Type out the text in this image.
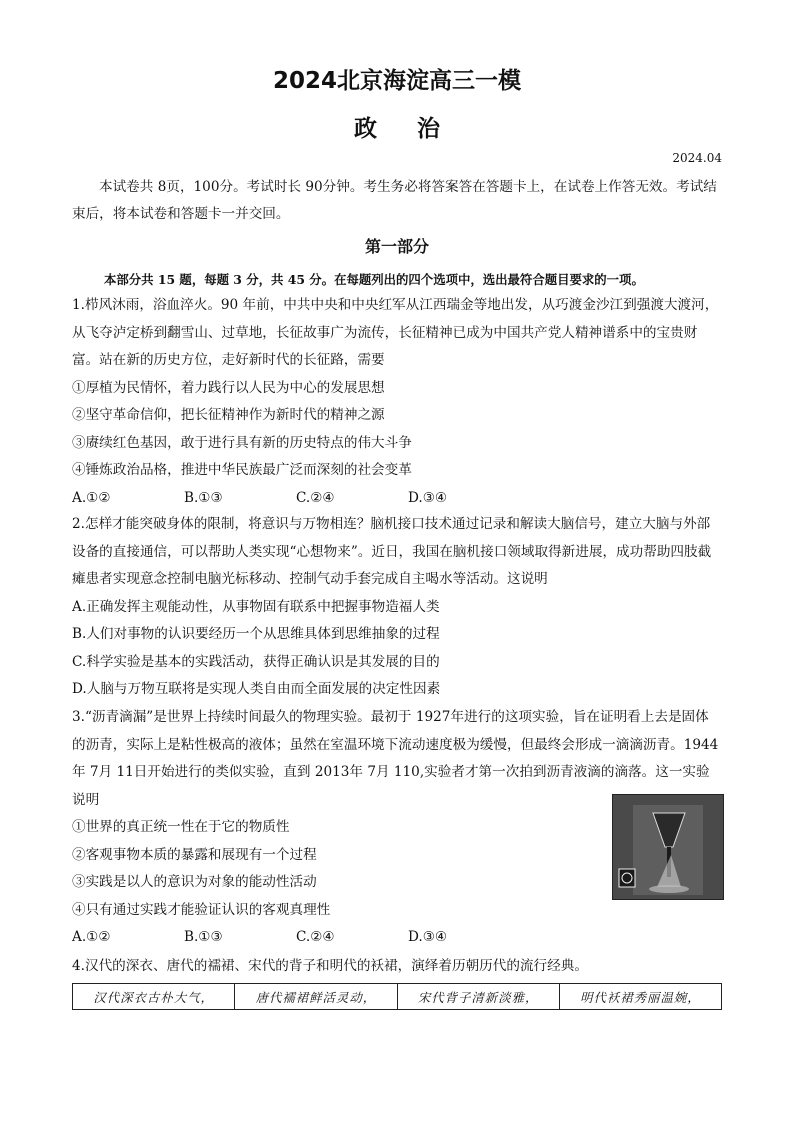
2024北京海淀高三一模
政治
2024.04

本试卷共 8页，100分。考试时长 90分钟。考生务必将答案答在答题卡上，在试卷上作答无效。考试结束后，将本试卷和答题卡一并交回。

第一部分

本部分共 15 题，每题 3 分，共 45 分。在每题列出的四个选项中，选出最符合题目要求的一项。

1.栉风沐雨，浴血淬火。90 年前，中共中央和中央红军从江西瑞金等地出发，从巧渡金沙江到强渡大渡河，从飞夺泸定桥到翻雪山、过草地，长征故事广为流传，长征精神已成为中国共产党人精神谱系中的宝贵财富。站在新的历史方位，走好新时代的长征路，需要

①厚植为民情怀，着力践行以人民为中心的发展思想

②坚守革命信仰，把长征精神作为新时代的精神之源

③赓续红色基因，敢于进行具有新的历史特点的伟大斗争

④锤炼政治品格，推进中华民族最广泛而深刻的社会变革

A.①②	B.①③	C.②④	D.③④

2.怎样才能突破身体的限制，将意识与万物相连？脑机接口技术通过记录和解读大脑信号，建立大脑与外部设备的直接通信，可以帮助人类实现“心想物来”。近日，我国在脑机接口领域取得新进展，成功帮助四肢截瘫患者实现意念控制电脑光标移动、控制气动手套完成自主喝水等活动。这说明

A.正确发挥主观能动性，从事物固有联系中把握事物造福人类

B.人们对事物的认识要经历一个从思维具体到思维抽象的过程

C.科学实验是基本的实践活动，获得正确认识是其发展的目的

D.人脑与万物互联将是实现人类自由而全面发展的决定性因素

3.“沥青滴漏”是世界上持续时间最久的物理实验。最初于 1927年进行的这项实验，旨在证明看上去是固体的沥青，实际上是粘性极高的液体；虽然在室温环境下流动速度极为缓慢，但最终会形成一滴滴沥青。1944年 7月 11日开始进行的类似实验，直到 2013年 7月 110,实验者才第一次拍到沥青液滴的滴落。这一实验说明

①世界的真正统一性在于它的物质性

②客观事物本质的暴露和展现有一个过程

③实践是以人的意识为对象的能动性活动

④只有通过实践才能验证认识的客观真理性

A.①②	B.①③	C.②④	D.③④

4.汉代的深衣、唐代的襦裙、宋代的背子和明代的袄裙，演绎着历朝历代的流行经典。

汉代深衣古朴大气，	唐代襦裙鲜活灵动，	宋代背子清新淡雅，	明代袄裙秀丽温婉，
